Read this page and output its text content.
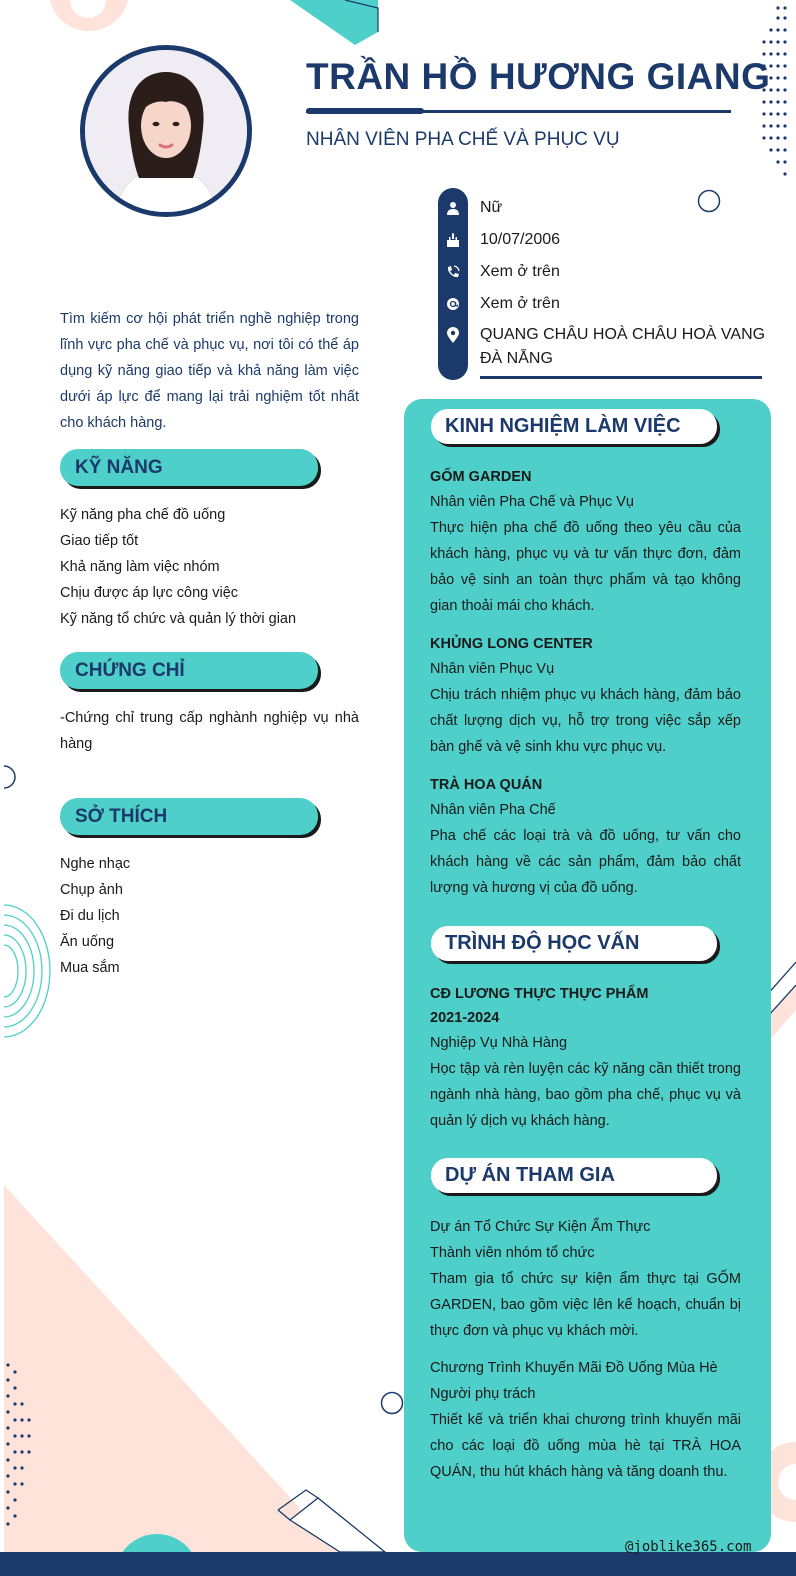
TRẦN HỒ HƯƠNG GIANG
NHÂN VIÊN PHA CHẾ VÀ PHỤC VỤ
Nữ
10/07/2006
Xem ở trên
Xem ở trên
QUANG CHÂU HOÀ CHÂU HOÀ VANG
ĐÀ NẴNG
Tìm kiếm cơ hội phát triển nghề nghiệp trong lĩnh vực pha chế và phục vụ, nơi tôi có thể áp dụng kỹ năng giao tiếp và khả năng làm việc dưới áp lực để mang lại trải nghiệm tốt nhất cho khách hàng.
KỸ NĂNG
Kỹ năng pha chế đồ uống
Giao tiếp tốt
Khả năng làm việc nhóm
Chịu được áp lực công việc
Kỹ năng tổ chức và quản lý thời gian
CHỨNG CHỈ
-Chứng chỉ trung cấp nghành nghiệp vụ nhà hàng
SỞ THÍCH
Nghe nhạc
Chụp ảnh
Đi du lịch
Ăn uống
Mua sắm
KINH NGHIỆM LÀM VIỆC
GỐM GARDEN
Nhân viên Pha Chế và Phục Vụ
Thực hiện pha chế đồ uống theo yêu cầu của khách hàng, phục vụ và tư vấn thực đơn, đảm bảo vệ sinh an toàn thực phẩm và tạo không gian thoải mái cho khách.
KHỦNG LONG CENTER
Nhân viên Phục Vụ
Chịu trách nhiệm phục vụ khách hàng, đảm bảo chất lượng dịch vụ, hỗ trợ trong việc sắp xếp bàn ghế và vệ sinh khu vực phục vụ.
TRÀ HOA QUÁN
Nhân viên Pha Chế
Pha chế các loại trà và đồ uống, tư vấn cho khách hàng về các sản phẩm, đảm bảo chất lượng và hương vị của đồ uống.
TRÌNH ĐỘ HỌC VẤN
CĐ LƯƠNG THỰC THỰC PHẨM
2021-2024
Nghiệp Vụ Nhà Hàng
Học tập và rèn luyện các kỹ năng cần thiết trong ngành nhà hàng, bao gồm pha chế, phục vụ và quản lý dịch vụ khách hàng.
DỰ ÁN THAM GIA
Dự án Tổ Chức Sự Kiện Ẩm Thực
Thành viên nhóm tổ chức
Tham gia tổ chức sự kiện ẩm thực tại GỐM GARDEN, bao gồm việc lên kế hoạch, chuẩn bị thực đơn và phục vụ khách mời.
Chương Trình Khuyến Mãi Đồ Uống Mùa Hè
Người phụ trách
Thiết kế và triển khai chương trình khuyến mãi cho các loại đồ uống mùa hè tại TRÀ HOA QUÁN, thu hút khách hàng và tăng doanh thu.
@joblike365.com
